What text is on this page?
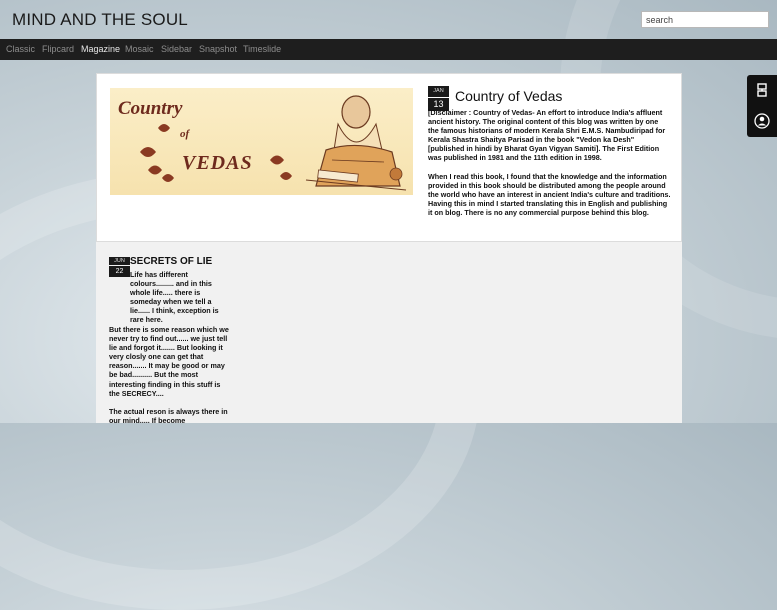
MIND AND THE SOUL
search
Classic Flipcard Magazine Mosaic Sidebar Snapshot Timeslide
Country
of
VEDAS
JAN
13 Country of Vedas

[Disclaimer : Country of Vedas- An effort to introduce India's affluent ancient history. The original content of this blog was written by one the famous historians of modern Kerala Shri E.M.S. Nambudiripad for Kerala Shastra Shaitya Parisad in the book "Vedon ka Desh" [published in hindi by Bharat Gyan Vigyan Samiti]. The First Edition was published in 1981 and the 11th edition in 1998.

When I read this book, I found that the knowledge and the information provided in this book should be distributed among the people around the world who have an interest in ancient India's culture and traditions. Having this in mind I started translating this in English and publishing it on blog. There is no any commercial purpose behind this blog.

JUN
22
SECRETS OF LIE

Life has different colours......... and in this whole life..... there is someday when we tell a lie...... I think, exception is rare here.

But there is some reason which we never try to find out...... we just tell lie and forgot it....... But looking it very closly one can get that reason....... It may be good or may be bad.......... But the most interesting finding in this stuff is the SECRECY....

The actual reson is always there in our mind..... If become
